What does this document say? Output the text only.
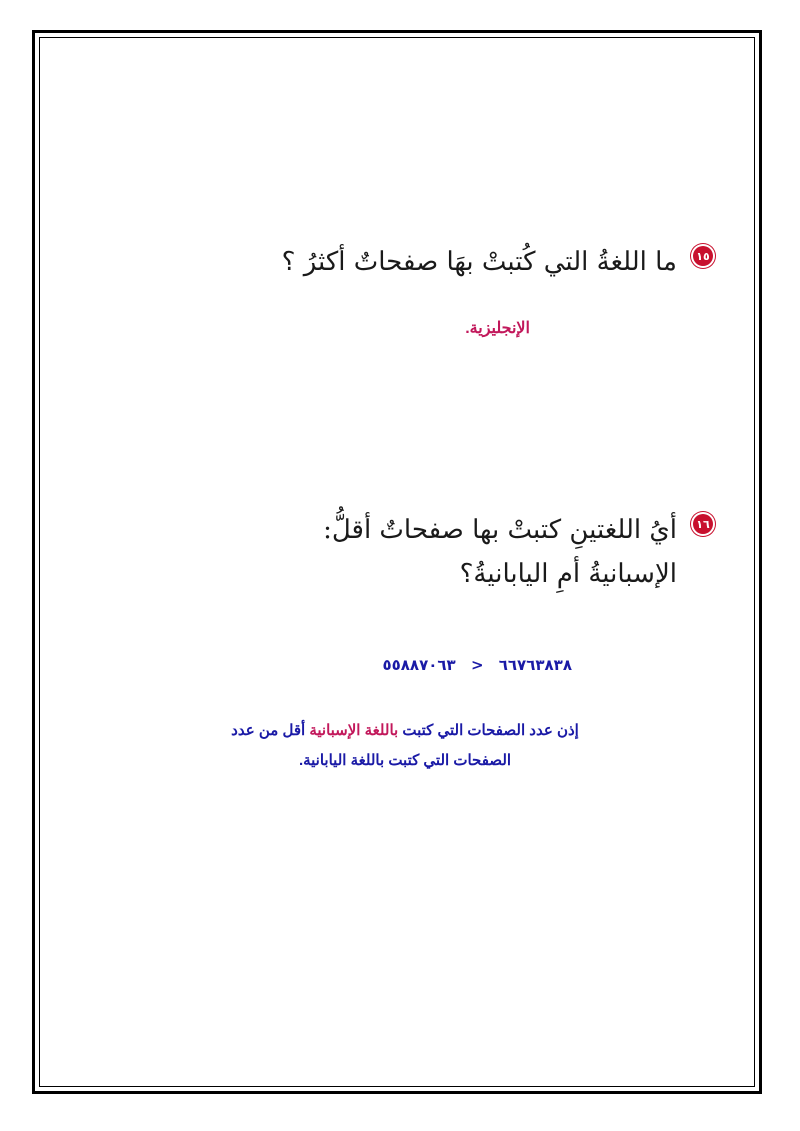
١٥
ما اللغةُ التي كُتبتْ بهَا صفحاتٌ أكثرُ ؟
الإنجليزية.
١٦
أيُ اللغتينِ كتبتْ بها صفحاتٌ أقلُّ:
الإسبانيةُ أمِ اليابانيةُ؟
٦٦٧٦٣٨٣٨ < ٥٥٨٨٧٠٦٣
إذن عدد الصفحات التي كتبت باللغة الإسبانية أقل من عدد
الصفحات التي كتبت باللغة اليابانية.
